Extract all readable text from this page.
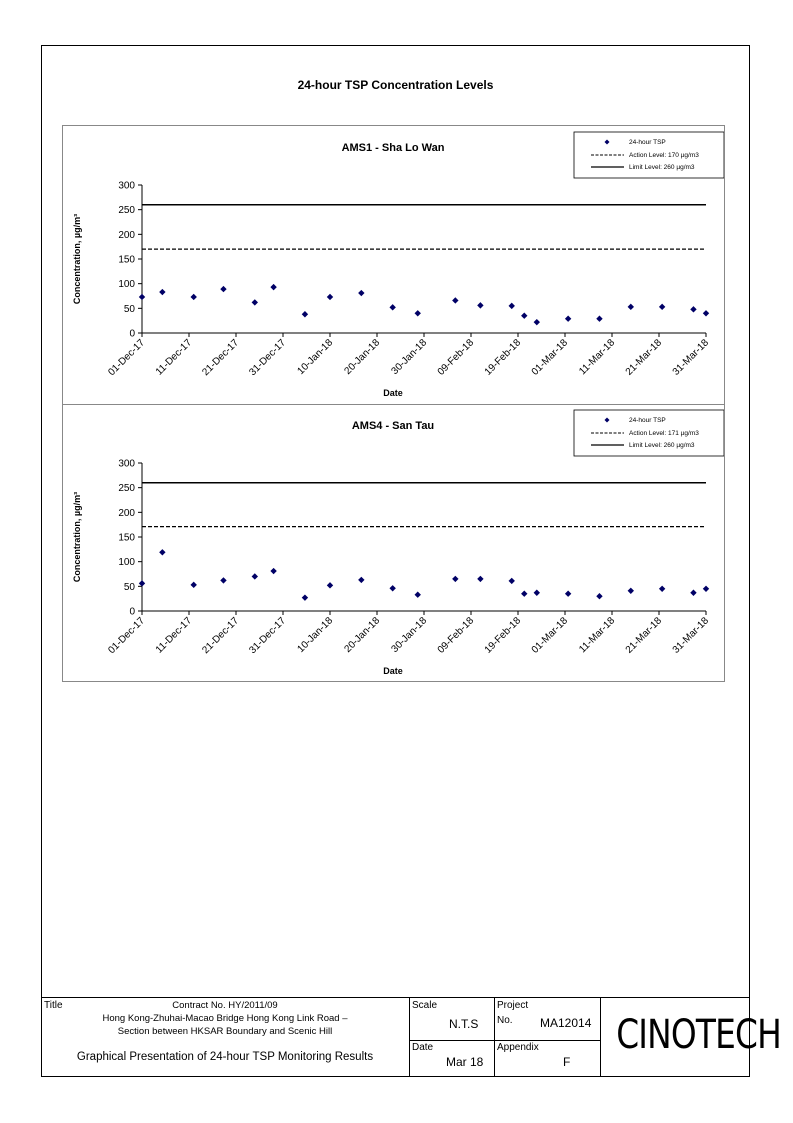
24-hour TSP Concentration Levels
AMS1 - Sha Lo Wan
0
50
100
150
200
250
300
Concentration, µg/m³
01-Dec-17 11-Dec-17 21-Dec-17 31-Dec-17 10-Jan-18 20-Jan-18 30-Jan-18 09-Feb-18 19-Feb-18 01-Mar-18 11-Mar-18 21-Mar-18 31-Mar-18
Date
24-hour TSP
Action Level: 170 µg/m3
Limit Level: 260 µg/m3
AMS4 - San Tau
0
50
100
150
200
250
300
Concentration, µg/m³
01-Dec-17 11-Dec-17 21-Dec-17 31-Dec-17 10-Jan-18 20-Jan-18 30-Jan-18 09-Feb-18 19-Feb-18 01-Mar-18 11-Mar-18 21-Mar-18 31-Mar-18
Date
24-hour TSP
Action Level: 171 µg/m3
Limit Level: 260 µg/m3
Title	Contract No. HY/2011/09
Hong Kong-Zhuhai-Macao Bridge Hong Kong Link Road –
Section between HKSAR Boundary and Scenic Hill
Graphical Presentation of 24-hour TSP Monitoring Results
Scale
N.T.S
Date
Mar 18
Project
No. MA12014
Appendix
F
CINOTECH
